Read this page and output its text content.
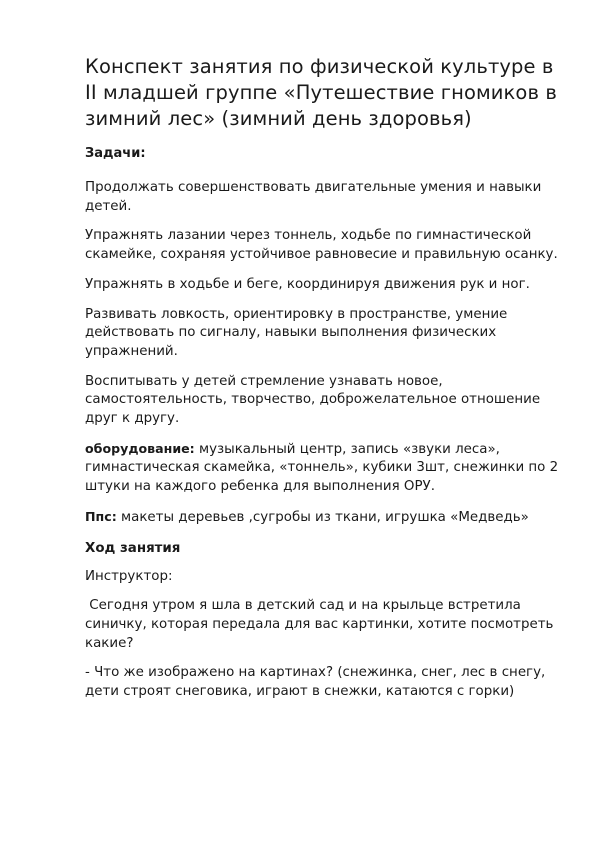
Конспект занятия по физической культуре в II младшей группе «Путешествие гномиков в зимний лес» (зимний день здоровья)
Задачи:

Продолжать совершенствовать двигательные умения и навыки детей.

Упражнять лазании через тоннель, ходьбе по гимнастической скамейке, сохраняя устойчивое равновесие и правильную осанку.

Упражнять в ходьбе и беге, координируя движения рук и ног.

Развивать ловкость, ориентировку в пространстве, умение действовать по сигналу, навыки выполнения физических упражнений.

Воспитывать у детей стремление узнавать новое, самостоятельность, творчество, доброжелательное отношение друг к другу.

оборудование: музыкальный центр, запись «звуки леса», гимнастическая скамейка, «тоннель», кубики 3шт, снежинки по 2 штуки на каждого ребенка для выполнения ОРУ.

Ппс: макеты деревьев ,сугробы из ткани, игрушка «Медведь»

Ход занятия

Инструктор:

Сегодня утром я шла в детский сад и на крыльце встретила синичку, которая передала для вас картинки, хотите посмотреть какие?

- Что же изображено на картинах? (снежинка, снег, лес в снегу, дети строят снеговика, играют в снежки, катаются с горки)
